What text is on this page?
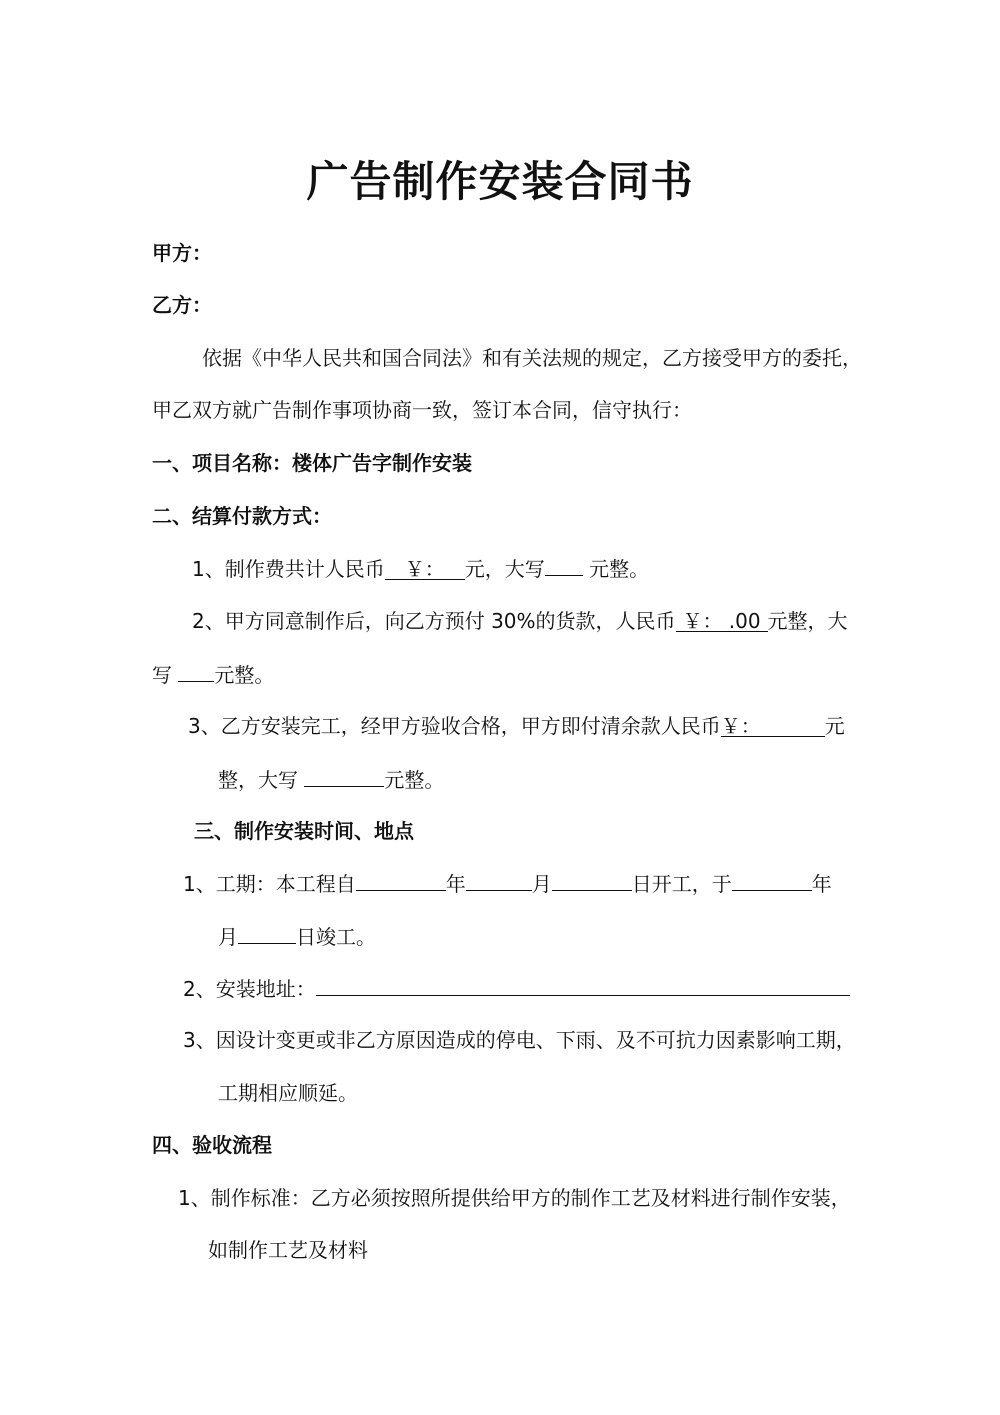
广告制作安装合同书
甲方：
乙方：
依据《中华人民共和国合同法》和有关法规的规定，乙方接受甲方的委托，
甲乙双方就广告制作事项协商一致，签订本合同，信守执行：
一、项目名称：楼体广告字制作安装
二、结算付款方式：
1、制作费共计人民币 ￥： 元，大写 元整。
2、甲方同意制作后，向乙方预付 30%的货款，人民币 ￥： .00 元整，大
写 元整。
3、乙方安装完工，经甲方验收合格，甲方即付清余款人民币￥：	元
整，大写	元整。
三、制作安装时间、地点
1、工期：本工程自	年	月	日开工，于	年
月	日竣工。
2、安装地址：
3、因设计变更或非乙方原因造成的停电、下雨、及不可抗力因素影响工期，
工期相应顺延。
四、验收流程
1、制作标准：乙方必须按照所提供给甲方的制作工艺及材料进行制作安装，
如制作工艺及材料
